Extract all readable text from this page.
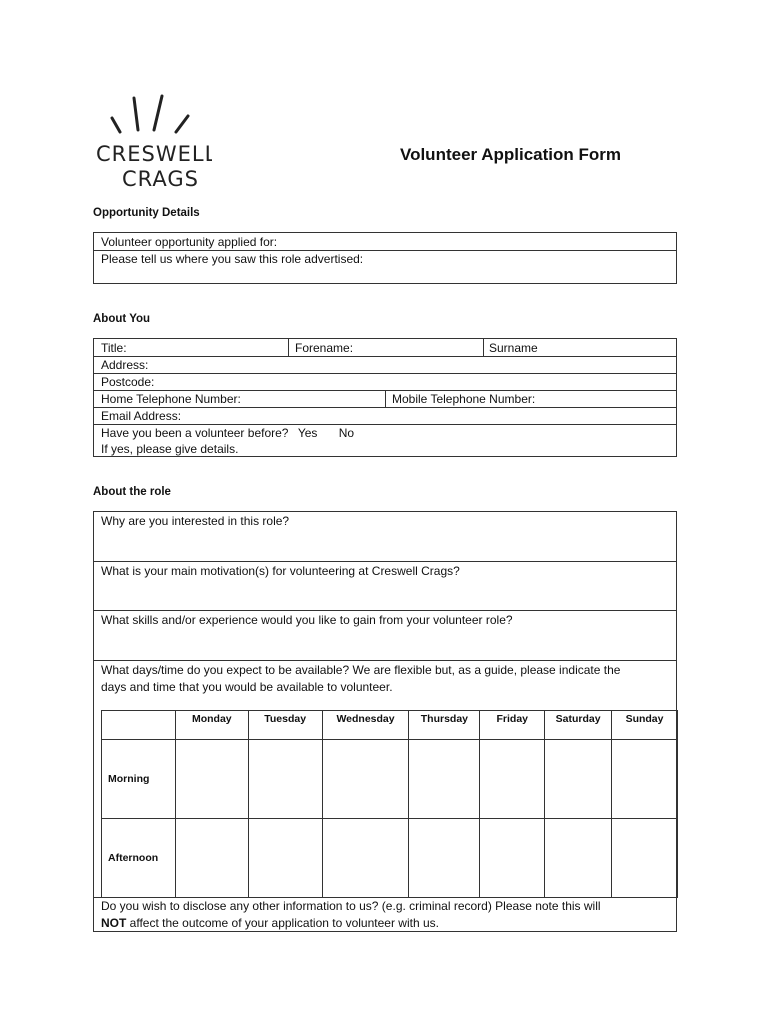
CRESWELL
CRAGS
Volunteer Application Form
Opportunity Details
Volunteer opportunity applied for:
Please tell us where you saw this role advertised:
About You
Title:	Forename:	Surname
Address:
Postcode:
Home Telephone Number:	Mobile Telephone Number:
Email Address:
Have you been a volunteer before? Yes No
If yes, please give details.
About the role
Why are you interested in this role?
What is your main motivation(s) for volunteering at Creswell Crags?
What skills and/or experience would you like to gain from your volunteer role?
What days/time do you expect to be available? We are flexible but, as a guide, please indicate the
days and time that you would be available to volunteer.
	Monday	Tuesday	Wednesday	Thursday	Friday	Saturday	Sunday
Morning							
Afternoon							
Do you wish to disclose any other information to us? (e.g. criminal record) Please note this will
NOT affect the outcome of your application to volunteer with us.
